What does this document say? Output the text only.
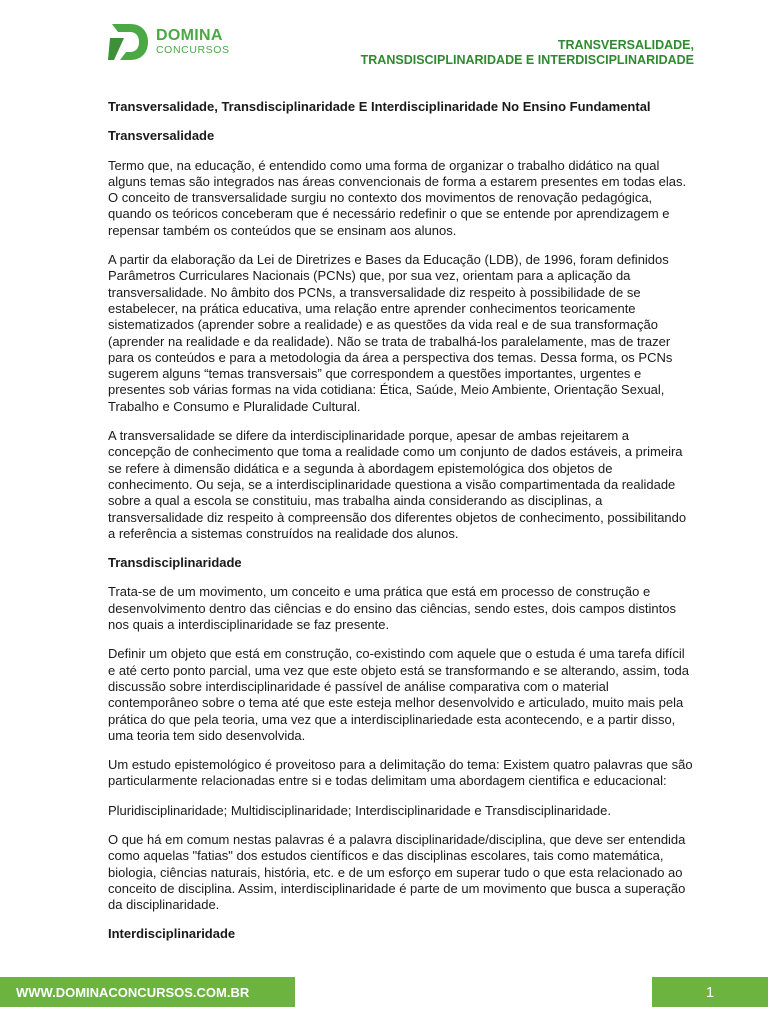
DOMINA
CONCURSOS	TRANSVERSALIDADE,
TRANSDISCIPLINARIDADE E INTERDISCIPLINARIDADE
Transversalidade, Transdisciplinaridade E Interdisciplinaridade No Ensino Fundamental
Transversalidade

Termo que, na educação, é entendido como uma forma de organizar o trabalho didático na qual alguns temas são integrados nas áreas convencionais de forma a estarem presentes em todas elas. O conceito de transversalidade surgiu no contexto dos movimentos de renovação pedagógica, quando os teóricos conceberam que é necessário redefinir o que se entende por aprendizagem e repensar também os conteúdos que se ensinam aos alunos.

A partir da elaboração da Lei de Diretrizes e Bases da Educação (LDB), de 1996, foram definidos Parâmetros Curriculares Nacionais (PCNs) que, por sua vez, orientam para a aplicação da transversalidade. No âmbito dos PCNs, a transversalidade diz respeito à possibilidade de se estabelecer, na prática educativa, uma relação entre aprender conhecimentos teoricamente sistematizados (aprender sobre a realidade) e as questões da vida real e de sua transformação (aprender na realidade e da realidade). Não se trata de trabalhá-los paralelamente, mas de trazer para os conteúdos e para a metodologia da área a perspectiva dos temas. Dessa forma, os PCNs sugerem alguns “temas transversais” que correspondem a questões importantes, urgentes e presentes sob várias formas na vida cotidiana: Ética, Saúde, Meio Ambiente, Orientação Sexual, Trabalho e Consumo e Pluralidade Cultural.

A transversalidade se difere da interdisciplinaridade porque, apesar de ambas rejeitarem a concepção de conhecimento que toma a realidade como um conjunto de dados estáveis, a primeira se refere à dimensão didática e a segunda à abordagem epistemológica dos objetos de conhecimento. Ou seja, se a interdisciplinaridade questiona a visão compartimentada da realidade sobre a qual a escola se constituiu, mas trabalha ainda considerando as disciplinas, a transversalidade diz respeito à compreensão dos diferentes objetos de conhecimento, possibilitando a referência a sistemas construídos na realidade dos alunos.

Transdisciplinaridade

Trata-se de um movimento, um conceito e uma prática que está em processo de construção e desenvolvimento dentro das ciências e do ensino das ciências, sendo estes, dois campos distintos nos quais a interdisciplinaridade se faz presente.

Definir um objeto que está em construção, co-existindo com aquele que o estuda é uma tarefa difícil e até certo ponto parcial, uma vez que este objeto está se transformando e se alterando, assim, toda discussão sobre interdisciplinaridade é passível de análise comparativa com o material contemporâneo sobre o tema até que este esteja melhor desenvolvido e articulado, muito mais pela prática do que pela teoria, uma vez que a interdisciplinariedade esta acontecendo, e a partir disso, uma teoria tem sido desenvolvida.

Um estudo epistemológico é proveitoso para a delimitação do tema: Existem quatro palavras que são particularmente relacionadas entre si e todas delimitam uma abordagem cientifica e educacional:

Pluridisciplinaridade; Multidisciplinaridade; Interdisciplinaridade e Transdisciplinaridade.

O que há em comum nestas palavras é a palavra disciplinaridade/disciplina, que deve ser entendida como aquelas "fatias" dos estudos científicos e das disciplinas escolares, tais como matemática, biologia, ciências naturais, história, etc. e de um esforço em superar tudo o que esta relacionado ao conceito de disciplina. Assim, interdisciplinaridade é parte de um movimento que busca a superação da disciplinaridade.

Interdisciplinaridade
WWW.DOMINACONCURSOS.COM.BR	1
